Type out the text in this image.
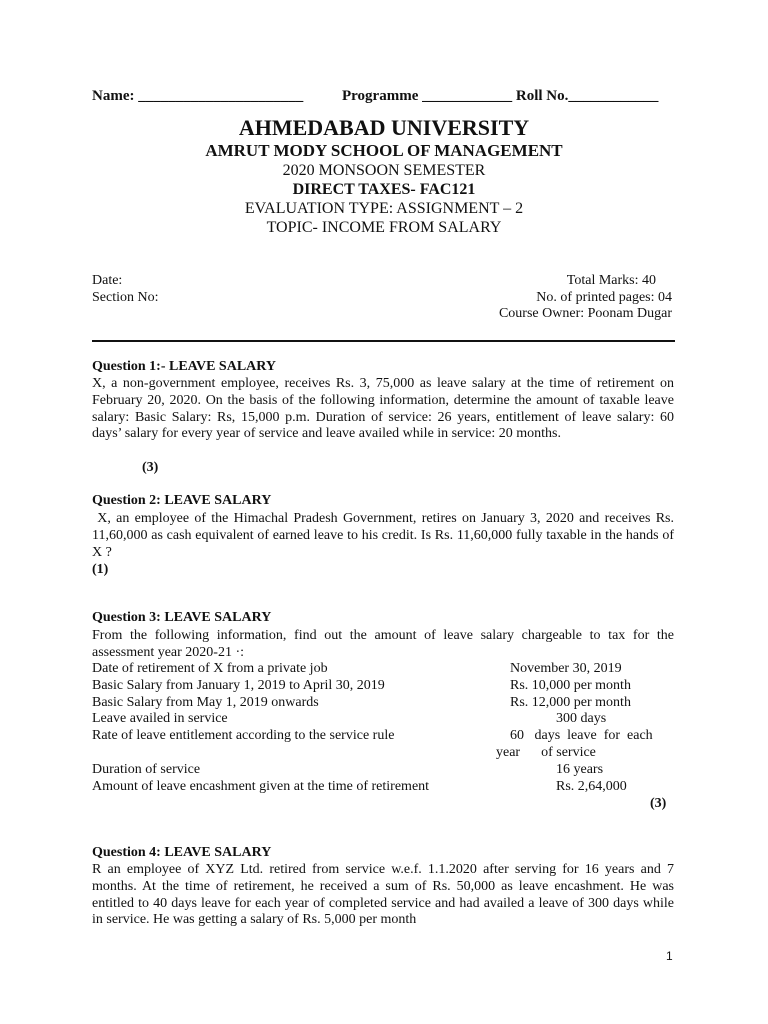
Name: ______________________	Programme ____________ Roll No.____________
AHMEDABAD UNIVERSITY
AMRUT MODY SCHOOL OF MANAGEMENT
2020 MONSOON SEMESTER
DIRECT TAXES- FAC121
EVALUATION TYPE: ASSIGNMENT – 2
TOPIC- INCOME FROM SALARY
Date:
Section No:
Total Marks: 40
No. of printed pages: 04
Course Owner: Poonam Dugar
Question 1:- LEAVE SALARY
X, a non-government employee, receives Rs. 3, 75,000 as leave salary at the time of retirement on February 20, 2020. On the basis of the following information, determine the amount of taxable leave salary: Basic Salary: Rs, 15,000 p.m. Duration of service: 26 years, entitlement of leave salary: 60 days’ salary for every year of service and leave availed while in service: 20 months.
(3)
Question 2: LEAVE SALARY
X, an employee of the Himachal Pradesh Government, retires on January 3, 2020 and receives Rs. 11,60,000 as cash equivalent of earned leave to his credit. Is Rs. 11,60,000 fully taxable in the hands of X ?
(1)
Question 3: LEAVE SALARY
From the following information, find out the amount of leave salary chargeable to tax for the assessment year 2020-21 ·:
Date of retirement of X from a private job	November 30, 2019
Basic Salary from January 1, 2019 to April 30, 2019	Rs. 10,000 per month
Basic Salary from May 1, 2019 onwards	Rs. 12,000 per month
Leave availed in service	300 days
Rate of leave entitlement according to the service rule	60   days  leave  for  each
year      of service
Duration of service	16 years
Amount of leave encashment given at the time of retirement	Rs. 2,64,000
(3)
Question 4: LEAVE SALARY
R an employee of XYZ Ltd. retired from service w.e.f. 1.1.2020 after serving for 16 years and 7 months. At the time of retirement, he received a sum of Rs. 50,000 as leave encashment. He was entitled to 40 days leave for each year of completed service and had availed a leave of 300 days while in service. He was getting a salary of Rs. 5,000 per month
1
